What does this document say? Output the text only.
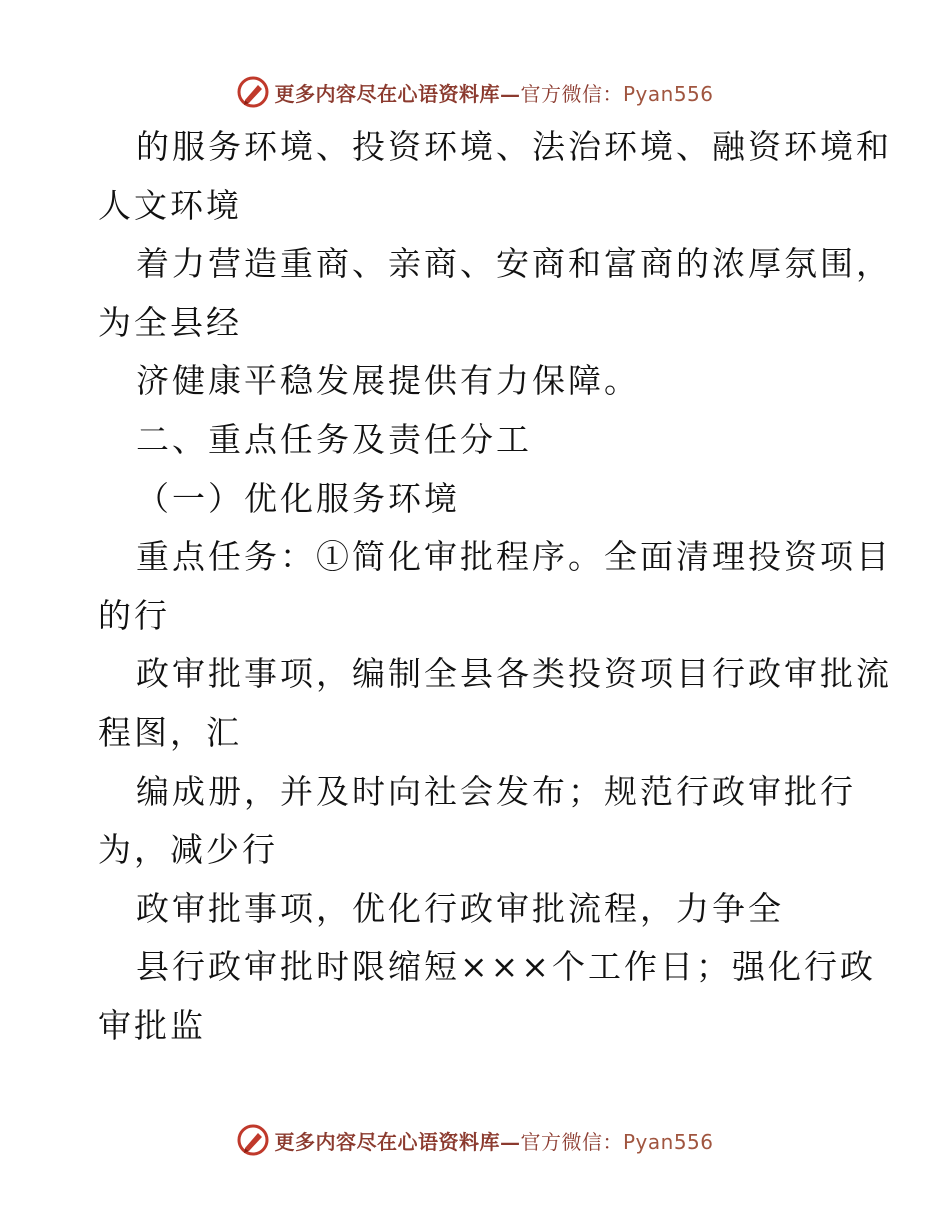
更多内容尽在心语资料库—官方微信：Pyan556
的服务环境、投资环境、法治环境、融资环境和
人文环境
着力营造重商、亲商、安商和富商的浓厚氛围，
为全县经
济健康平稳发展提供有力保障。
二、重点任务及责任分工
（一）优化服务环境
重点任务：①简化审批程序。全面清理投资项目
的行
政审批事项，编制全县各类投资项目行政审批流
程图，汇
编成册，并及时向社会发布；规范行政审批行
为，减少行
政审批事项，优化行政审批流程，力争全
县行政审批时限缩短×××个工作日；强化行政
审批监
更多内容尽在心语资料库—官方微信：Pyan556
